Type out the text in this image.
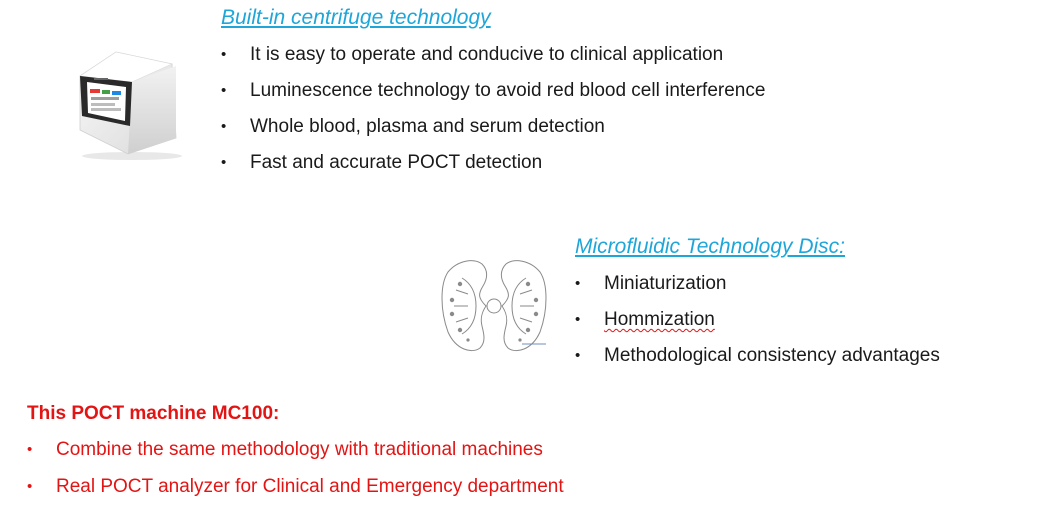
Built-in centrifuge technology
• It is easy to operate and conducive to clinical application
• Luminescence technology to avoid red blood cell interference
• Whole blood, plasma and serum detection
• Fast and accurate POCT detection
Microfluidic Technology Disc:
• Miniaturization
• Hommization
• Methodological consistency advantages
This POCT machine MC100:
• Combine the same methodology with traditional machines
• Real POCT analyzer for Clinical and Emergency department
